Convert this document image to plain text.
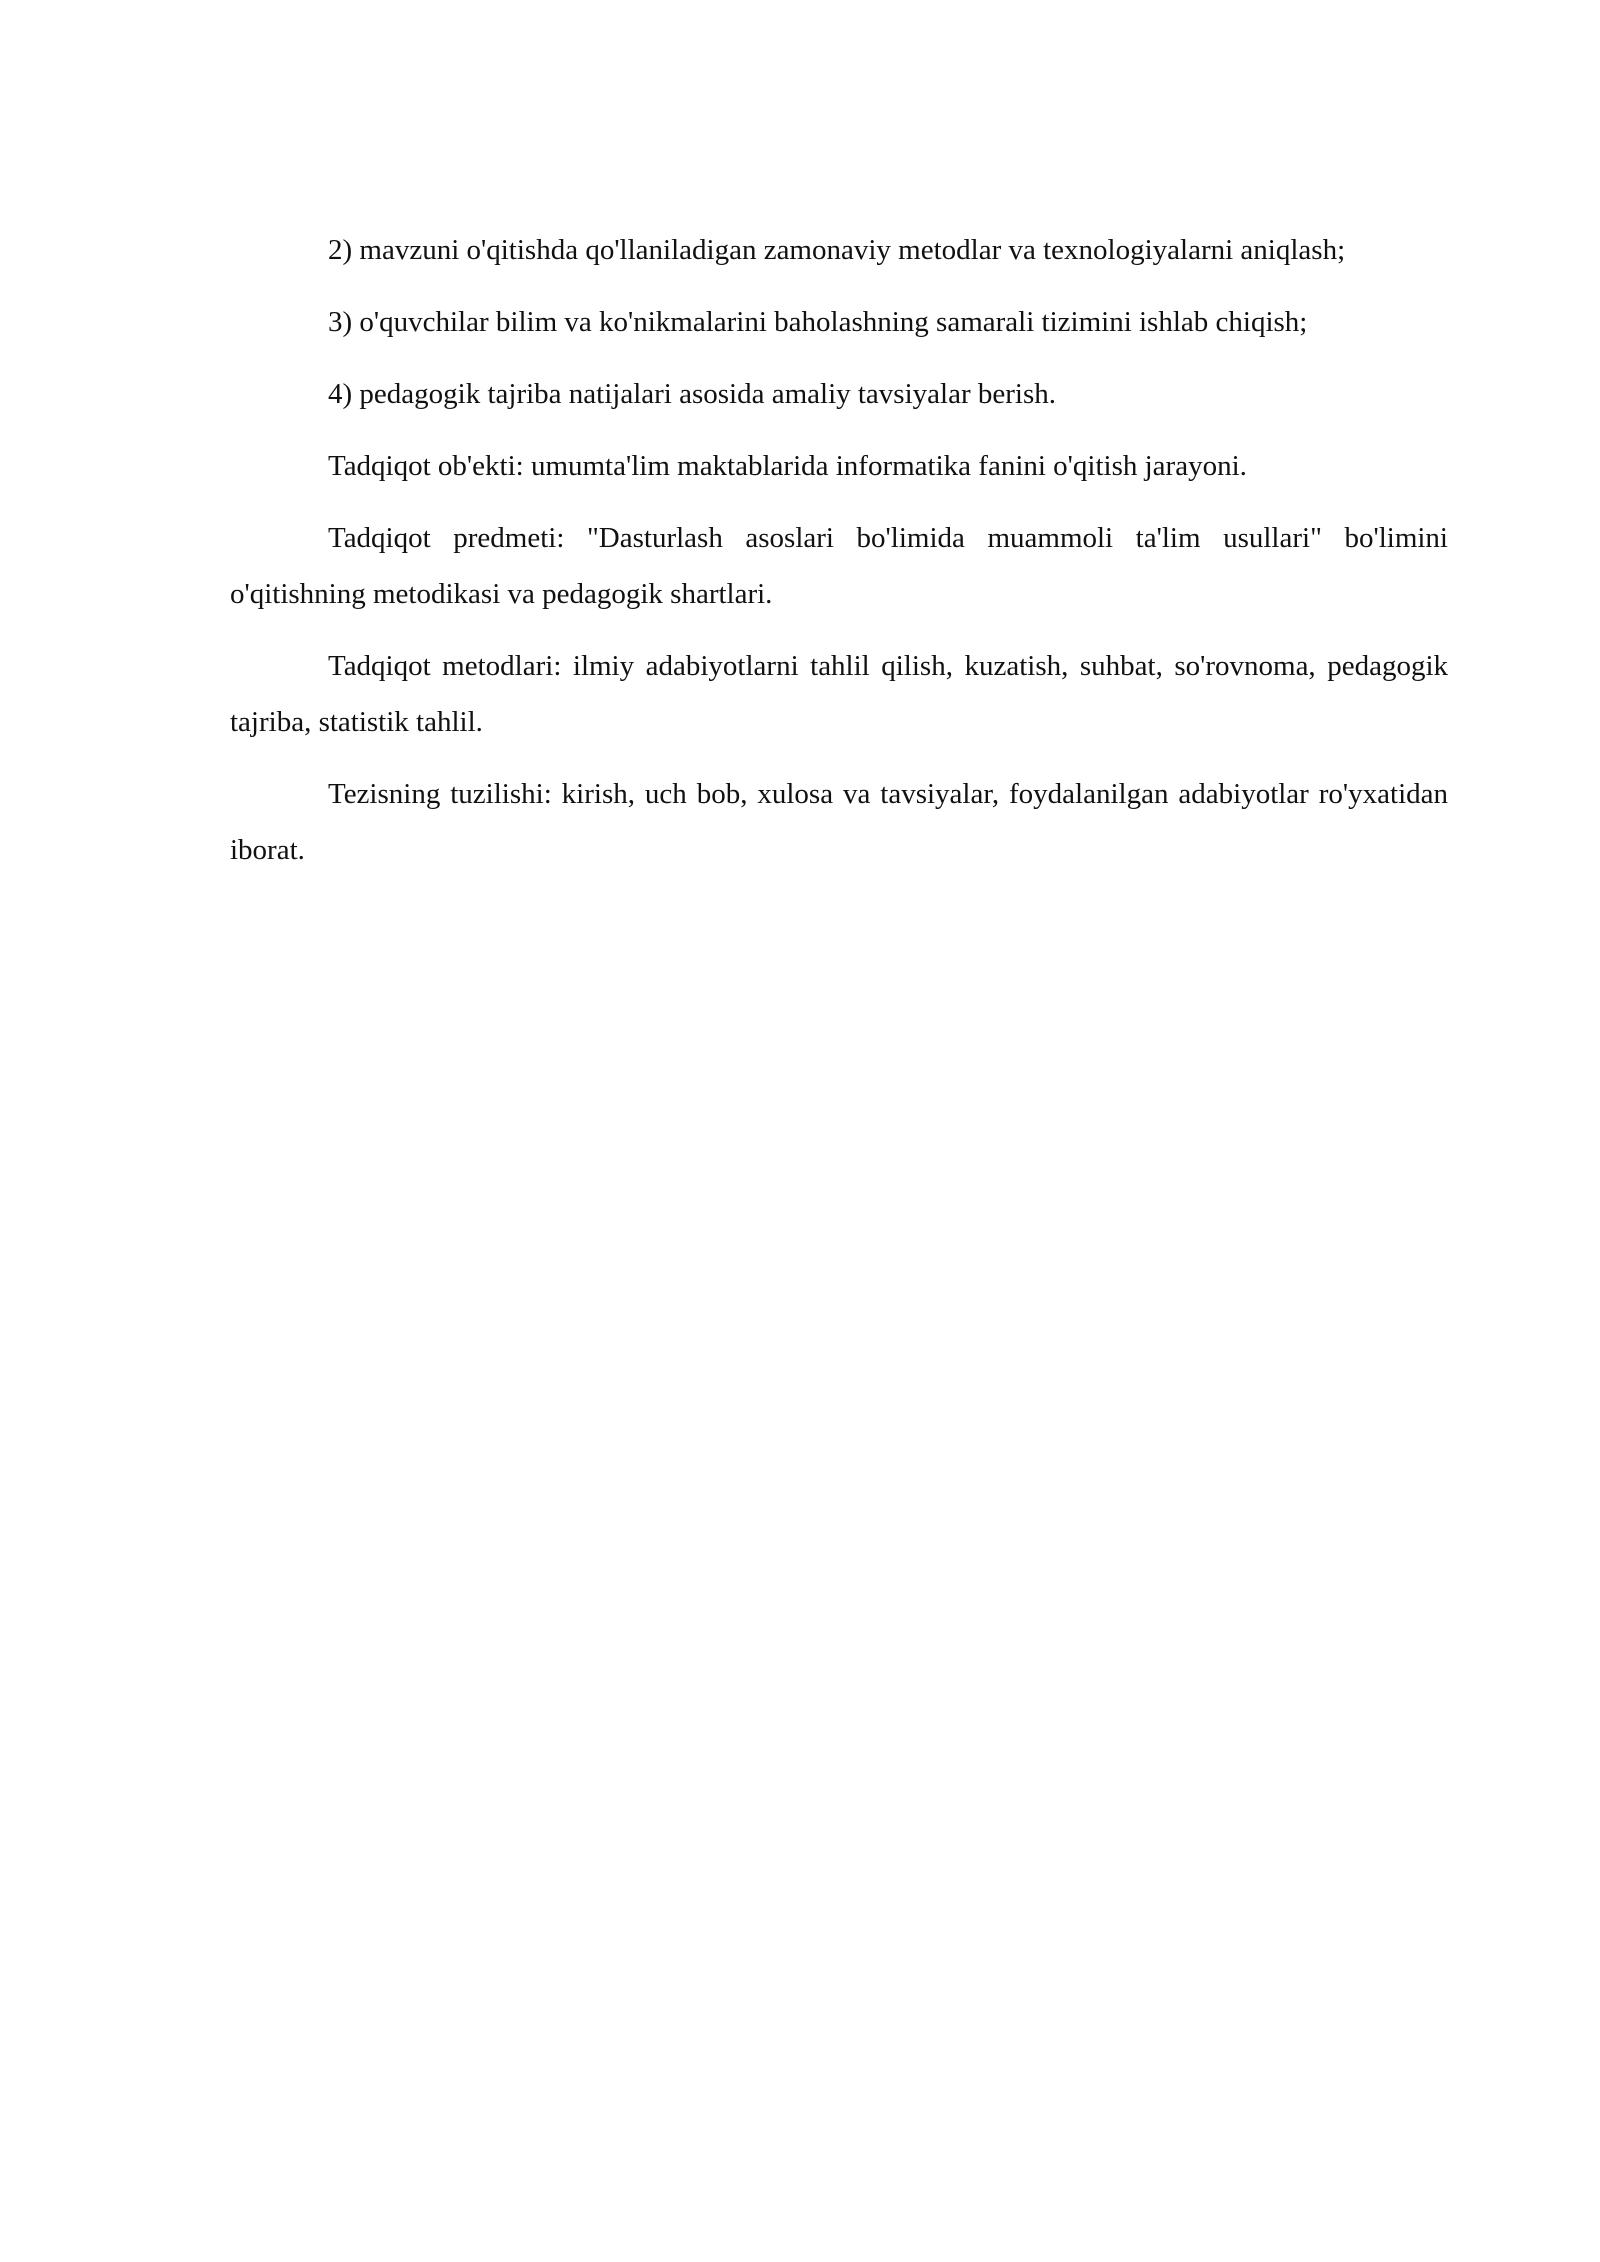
2) mavzuni o'qitishda qo'llaniladigan zamonaviy metodlar va texnologiyalarni aniqlash;

3) o'quvchilar bilim va ko'nikmalarini baholashning samarali tizimini ishlab chiqish;

4) pedagogik tajriba natijalari asosida amaliy tavsiyalar berish.

Tadqiqot ob'ekti: umumta'lim maktablarida informatika fanini o'qitish jarayoni.

Tadqiqot predmeti: "Dasturlash asoslari bo'limida muammoli ta'lim usullari" bo'limini o'qitishning metodikasi va pedagogik shartlari.

Tadqiqot metodlari: ilmiy adabiyotlarni tahlil qilish, kuzatish, suhbat, so'rovnoma, pedagogik tajriba, statistik tahlil.

Tezisning tuzilishi: kirish, uch bob, xulosa va tavsiyalar, foydalanilgan adabiyotlar ro'yxatidan iborat.
